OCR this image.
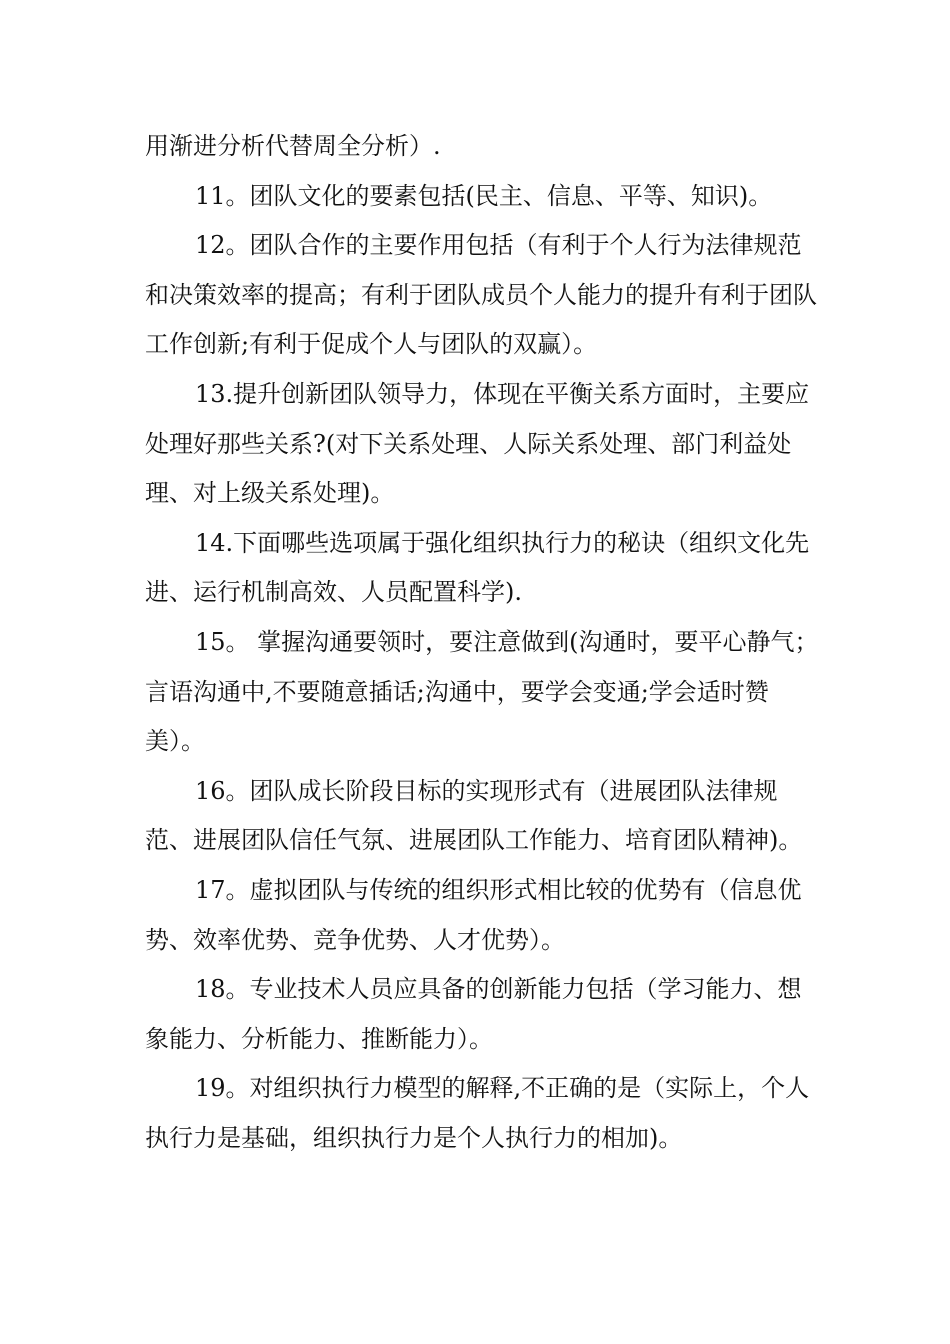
用渐进分析代替周全分析）.

11。团队文化的要素包括(民主、信息、平等、知识)。

12。团队合作的主要作用包括（有利于个人行为法律规范和决策效率的提高；有利于团队成员个人能力的提升有利于团队工作创新;有利于促成个人与团队的双赢）。

13.提升创新团队领导力，体现在平衡关系方面时，主要应处理好那些关系?(对下关系处理、人际关系处理、部门利益处理、对上级关系处理)。

14.下面哪些选项属于强化组织执行力的秘诀（组织文化先进、运行机制高效、人员配置科学).

15。 掌握沟通要领时，要注意做到(沟通时，要平心静气；言语沟通中,不要随意插话;沟通中，要学会变通;学会适时赞美）。

16。团队成长阶段目标的实现形式有（进展团队法律规范、进展团队信任气氛、进展团队工作能力、培育团队精神)。

17。虚拟团队与传统的组织形式相比较的优势有（信息优势、效率优势、竞争优势、人才优势）。

18。专业技术人员应具备的创新能力包括（学习能力、想象能力、分析能力、推断能力）。

19。对组织执行力模型的解释,不正确的是（实际上，个人执行力是基础，组织执行力是个人执行力的相加)。
